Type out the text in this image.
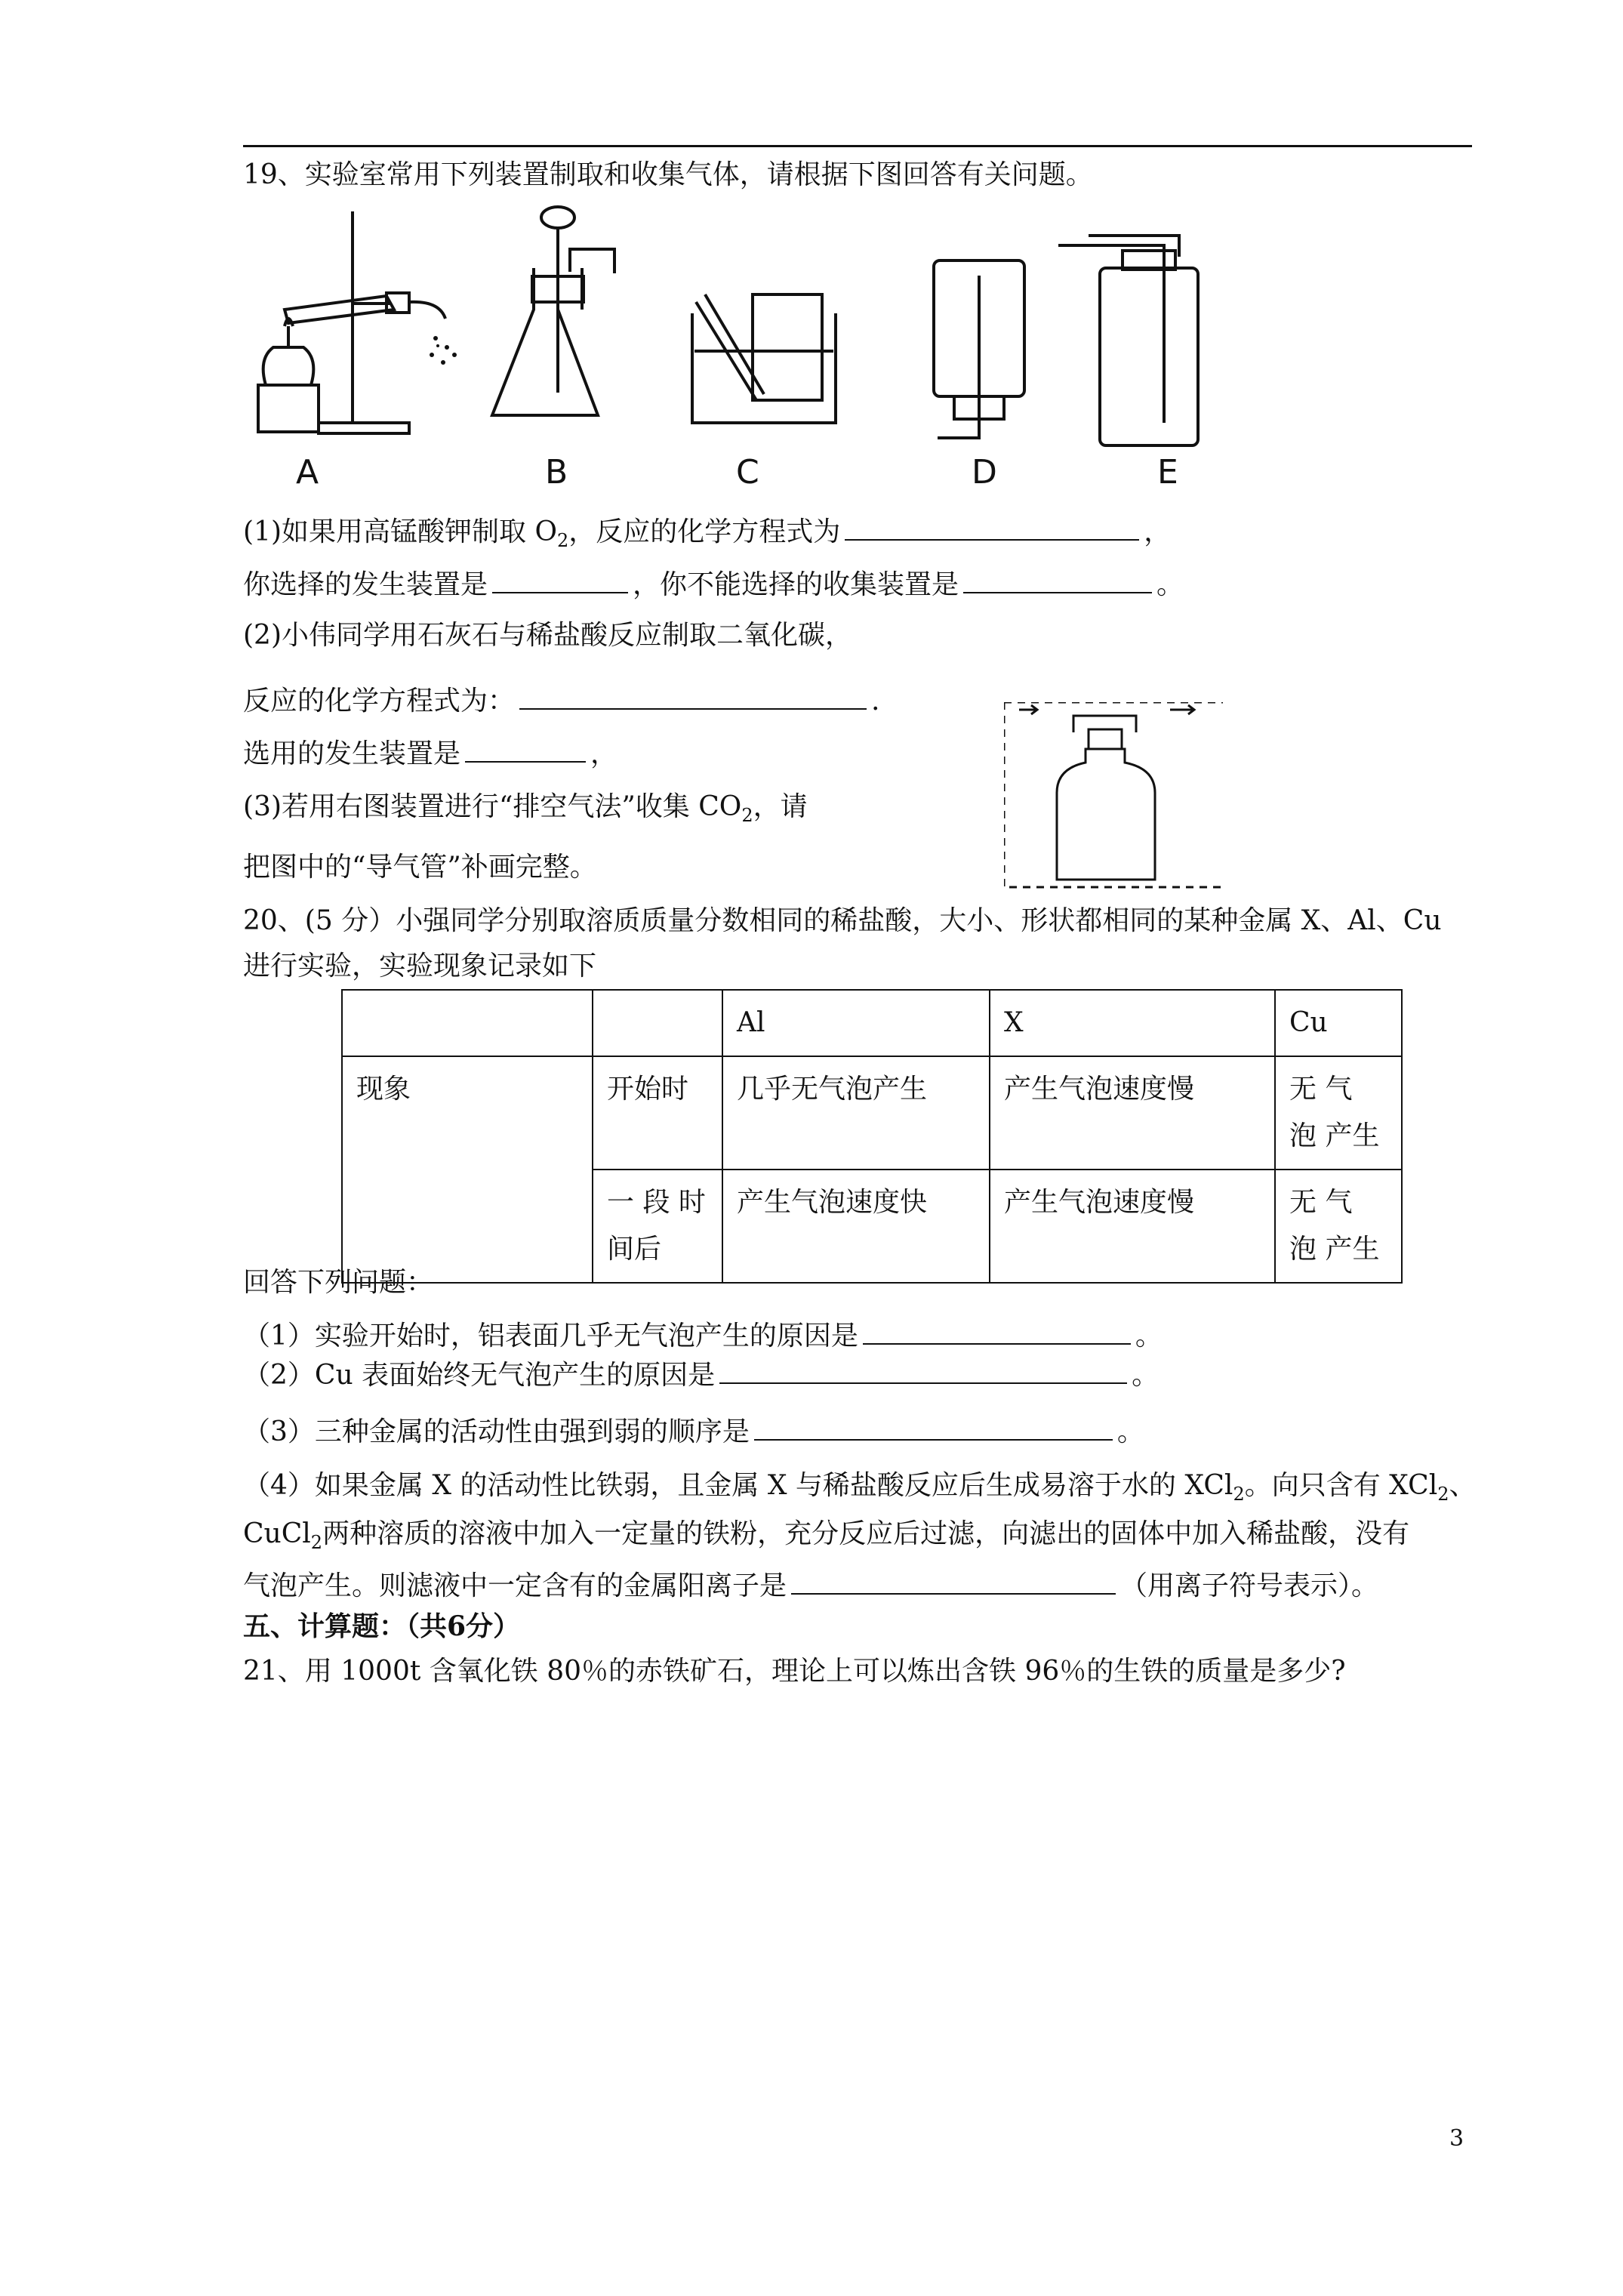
19、实验室常用下列装置制取和收集气体，请根据下图回答有关问题。
A	B	C	D	E
(1)如果用高锰酸钾制取 $O_2$，反应的化学方程式为	，
你选择的发生装置是	，你不能选择的收集装置是	。
(2)小伟同学用石灰石与稀盐酸反应制取二氧化碳，
反应的化学方程式为：	.
选用的发生装置是	，
(3)若用右图装置进行“排空气法”收集 $CO_2$，请
把图中的“导气管”补画完整。
20、(5 分）小强同学分别取溶质质量分数相同的稀盐酸，大小、形状都相同的某种金属 X、Al、Cu
进行实验，实验现象记录如下
		Al	X	Cu
现象	开始时	几乎无气泡产生	产生气泡速度慢	无 气 泡 产生
	一 段 时 间后	产生气泡速度快	产生气泡速度慢	无 气 泡 产生
回答下列问题：
（1）实验开始时，铝表面几乎无气泡产生的原因是	。
（2）Cu 表面始终无气泡产生的原因是	。
（3）三种金属的活动性由强到弱的顺序是	。
（4）如果金属 X 的活动性比铁弱，且金属 X 与稀盐酸反应后生成易溶于水的 XCl$_2$。向只含有 XCl$_2$、
CuCl$_2$两种溶质的溶液中加入一定量的铁粉，充分反应后过滤，向滤出的固体中加入稀盐酸，没有
气泡产生。则滤液中一定含有的金属阳离子是	（用离子符号表示）。
五、计算题：（共6分）
21、用 1000t 含氧化铁 80％的赤铁矿石，理论上可以炼出含铁 96％的生铁的质量是多少?
3
